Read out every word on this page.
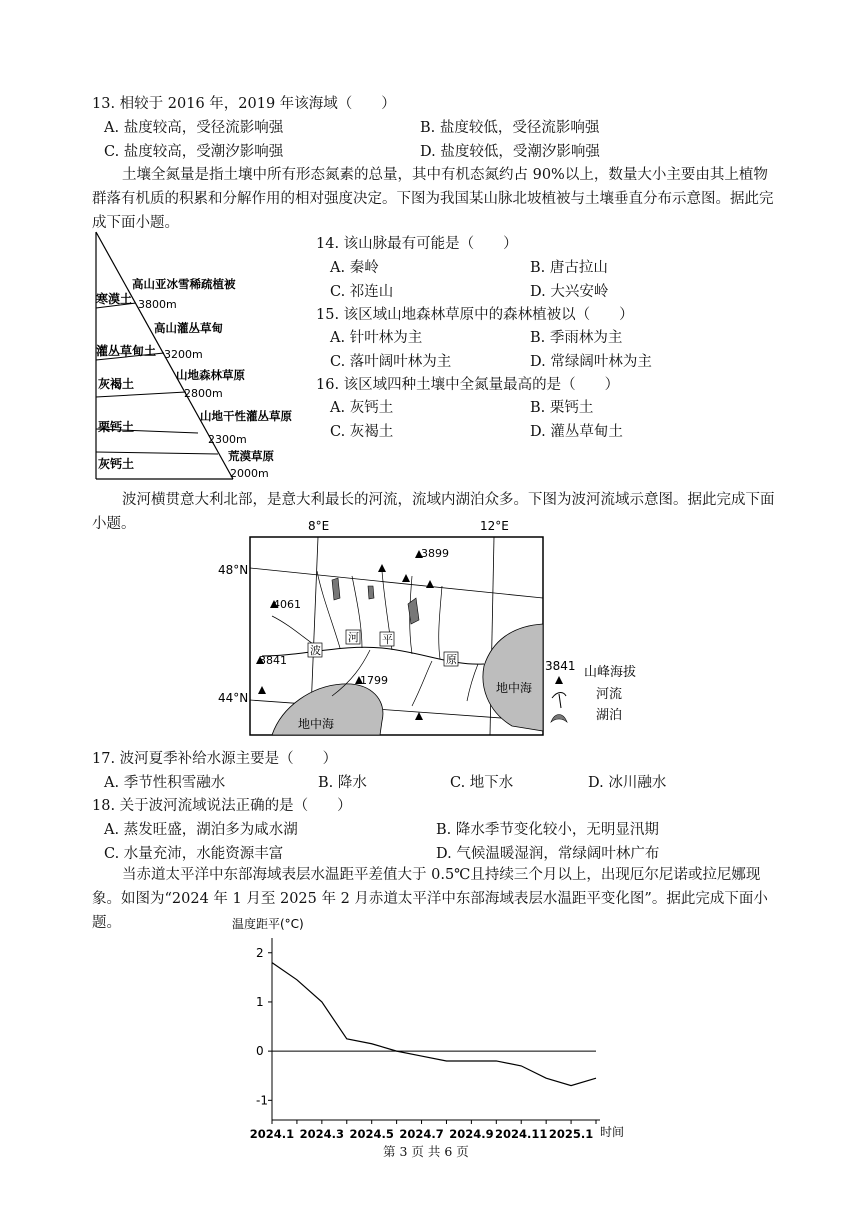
13. 相较于 2016 年，2019 年该海域（　　）
A. 盐度较高，受径流影响强	B. 盐度较低，受径流影响强
C. 盐度较高，受潮汐影响强	D. 盐度较低，受潮汐影响强
土壤全氮量是指土壤中所有形态氮素的总量，其中有机态氮约占 90%以上，数量大小主要由其上植物群落有机质的积累和分解作用的相对强度决定。下图为我国某山脉北坡植被与土壤垂直分布示意图。据此完成下面小题。
高山亚冰雪稀疏植被
3800m
高山灌丛草甸
3200m
山地森林草原
2800m
山地干性灌丛草原
2300m
荒漠草原
2000m
寒漠土
灌丛草甸土
灰褐土
栗钙土
灰钙土
14. 该山脉最有可能是（　　）
A. 秦岭	B. 唐古拉山
C. 祁连山	D. 大兴安岭
15. 该区域山地森林草原中的森林植被以（　　）
A. 针叶林为主	B. 季雨林为主
C. 落叶阔叶林为主	D. 常绿阔叶林为主
16. 该区域四种土壤中全氮量最高的是（　　）
A. 灰钙土	B. 栗钙土
C. 灰褐土	D. 灌丛草甸土
波河横贯意大利北部，是意大利最长的河流，流域内湖泊众多。下图为波河流域示意图。据此完成下面小题。	8°E	12°E
48°N
44°N
地中海
地中海
3899
4061
3841
1799
波
河 平
原	3841 山峰海拔
河流
湖泊
17. 波河夏季补给水源主要是（　　）
A. 季节性积雪融水	B. 降水	C. 地下水	D. 冰川融水
18. 关于波河流域说法正确的是（　　）
A. 蒸发旺盛，湖泊多为咸水湖	B. 降水季节变化较小，无明显汛期
C. 水量充沛，水能资源丰富	D. 气候温暖湿润，常绿阔叶林广布
当赤道太平洋中东部海域表层水温距平差值大于 0.5℃且持续三个月以上，出现厄尔尼诺或拉尼娜现象。如图为“2024 年 1 月至 2025 年 2 月赤道太平洋中东部海域表层水温距平变化图”。据此完成下面小题。	温度距平(°C)
时间
2
1
0
-1
2024.1 2024.3 2024.5 2024.7 2024.9 2024.11 2025.1
第 3 页 共 6 页
